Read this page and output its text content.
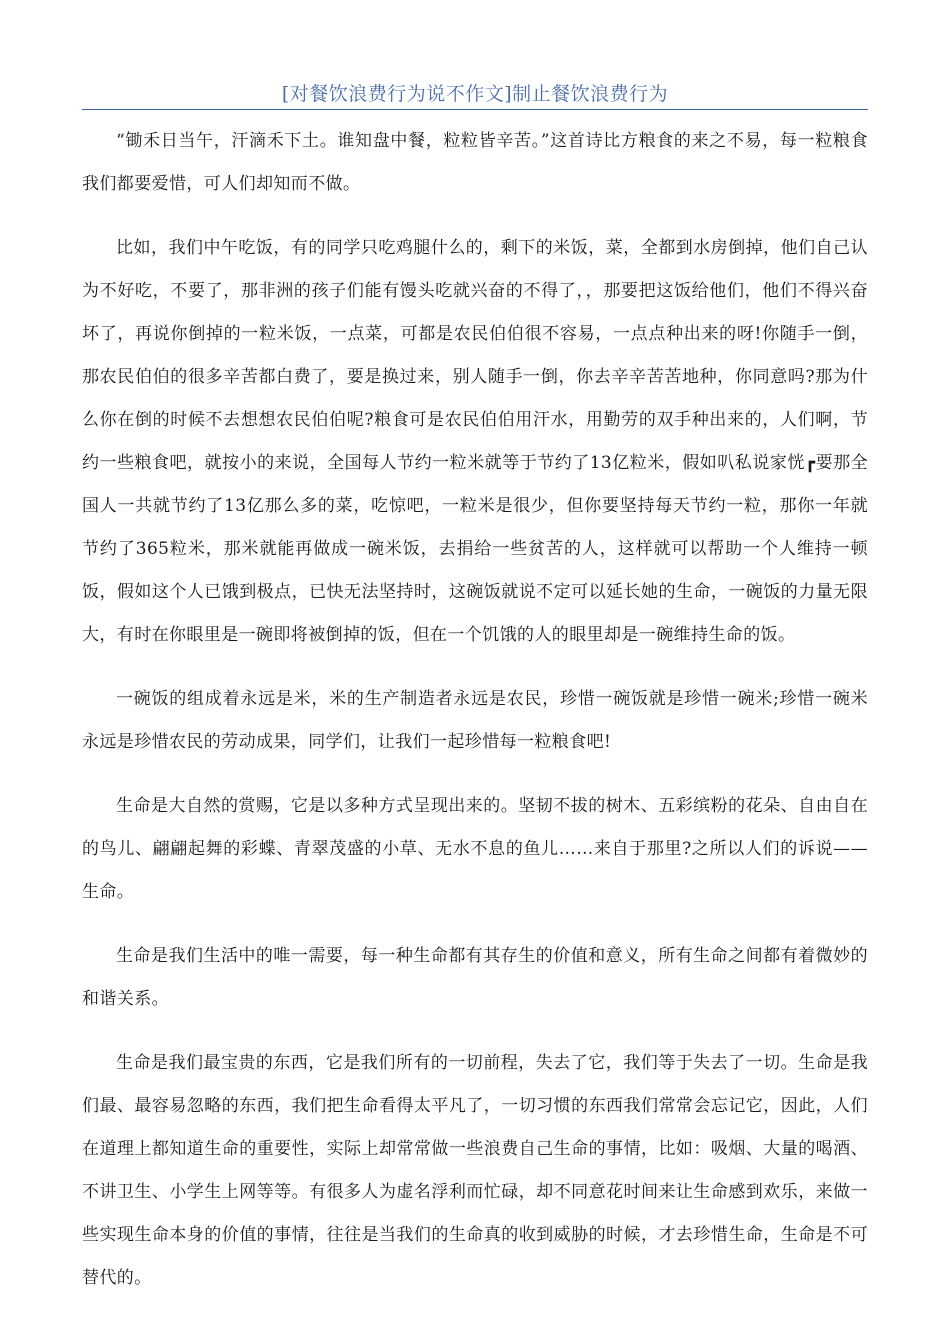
[对餐饮浪费行为说不作文]制止餐饮浪费行为

“锄禾日当午，汗滴禾下土。谁知盘中餐，粒粒皆辛苦。”这首诗比方粮食的来之不易，每一粒粮食我们都要爱惜，可人们却知而不做。

比如，我们中午吃饭，有的同学只吃鸡腿什么的，剩下的米饭，菜，全都到水房倒掉，他们自己认为不好吃，不要了，那非洲的孩子们能有馒头吃就兴奋的不得了，，那要把这饭给他们，他们不得兴奋坏了，再说你倒掉的一粒米饭，一点菜，可都是农民伯伯很不容易，一点点种出来的呀!你随手一倒，那农民伯伯的很多辛苦都白费了，要是换过来，别人随手一倒，你去辛辛苦苦地种，你同意吗?那为什么你在倒的时候不去想想农民伯伯呢?粮食可是农民伯伯用汗水，用勤劳的双手种出来的，人们啊，节约一些粮食吧，就按小的来说，全国每人节约一粒米就等于节约了13亿粒米，假如叭私说家恍┏要那全国人一共就节约了13亿那么多的菜，吃惊吧，一粒米是很少，但你要坚持每天节约一粒，那你一年就节约了365粒米，那米就能再做成一碗米饭，去捐给一些贫苦的人，这样就可以帮助一个人维持一顿饭，假如这个人已饿到极点，已快无法坚持时，这碗饭就说不定可以延长她的生命，一碗饭的力量无限大，有时在你眼里是一碗即将被倒掉的饭，但在一个饥饿的人的眼里却是一碗维持生命的饭。

一碗饭的组成着永远是米，米的生产制造者永远是农民，珍惜一碗饭就是珍惜一碗米;珍惜一碗米永远是珍惜农民的劳动成果，同学们，让我们一起珍惜每一粒粮食吧!

生命是大自然的赏赐，它是以多种方式呈现出来的。坚韧不拔的树木、五彩缤粉的花朵、自由自在的鸟儿、翩翩起舞的彩蝶、青翠茂盛的小草、无水不息的鱼儿……来自于那里?之所以人们的诉说——生命。

生命是我们生活中的唯一需要，每一种生命都有其存生的价值和意义，所有生命之间都有着微妙的和谐关系。

生命是我们最宝贵的东西，它是我们所有的一切前程，失去了它，我们等于失去了一切。生命是我们最、最容易忽略的东西，我们把生命看得太平凡了，一切习惯的东西我们常常会忘记它，因此，人们在道理上都知道生命的重要性，实际上却常常做一些浪费自己生命的事情，比如：吸烟、大量的喝酒、不讲卫生、小学生上网等等。有很多人为虚名浮利而忙碌，却不同意花时间来让生命感到欢乐，来做一些实现生命本身的价值的事情，往往是当我们的生命真的收到威胁的时候，才去珍惜生命，生命是不可替代的。
